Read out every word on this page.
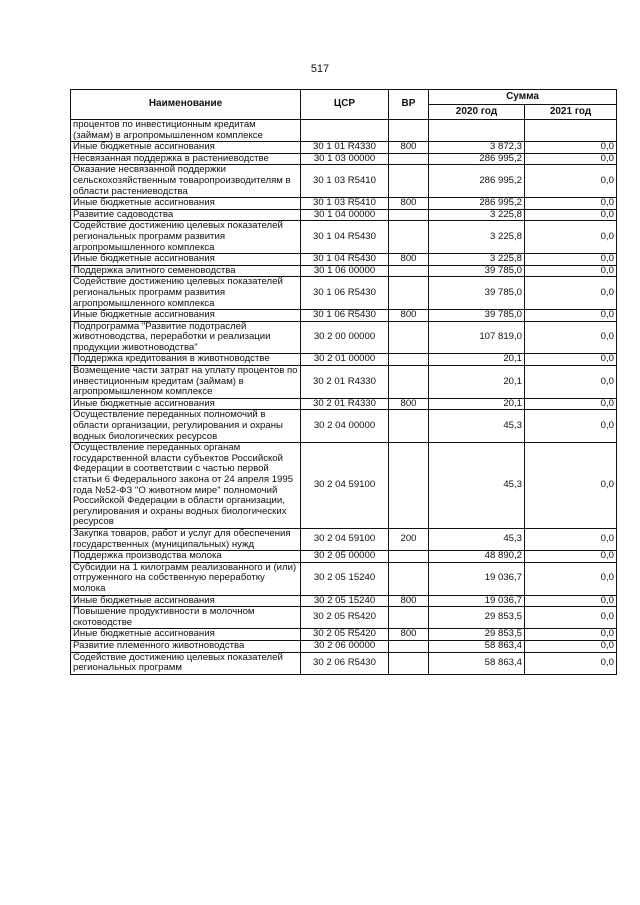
517
Наименование	ЦСР	ВР	Сумма	
			2020 год	2021 год
процентов по инвестиционным кредитам (займам) в агропромышленном комплексе				
Иные бюджетные ассигнования	30 1 01 R4330	800	3 872,3	0,0
Несвязанная поддержка в растениеводстве	30 1 03 00000		286 995,2	0,0
Оказание несвязанной поддержки сельскохозяйственным товаропроизводителям в области растениеводства	30 1 03 R5410		286 995,2	0,0
Иные бюджетные ассигнования	30 1 03 R5410	800	286 995,2	0,0
Развитие садоводства	30 1 04 00000		3 225,8	0,0
Содействие достижению целевых показателей региональных программ развития агропромышленного комплекса	30 1 04 R5430		3 225,8	0,0
Иные бюджетные ассигнования	30 1 04 R5430	800	3 225,8	0,0
Поддержка элитного семеноводства	30 1 06 00000		39 785,0	0,0
Содействие достижению целевых показателей региональных программ развития агропромышленного комплекса	30 1 06 R5430		39 785,0	0,0
Иные бюджетные ассигнования	30 1 06 R5430	800	39 785,0	0,0
Подпрограмма "Развитие подотраслей животноводства, переработки и реализации продукции животноводства"	30 2 00 00000		107 819,0	0,0
Поддержка кредитования в животноводстве	30 2 01 00000		20,1	0,0
Возмещение части затрат на уплату процентов по инвестиционным кредитам (займам) в агропромышленном комплексе	30 2 01 R4330		20,1	0,0
Иные бюджетные ассигнования	30 2 01 R4330	800	20,1	0,0
Осуществление переданных полномочий в области организации, регулирования и охраны водных биологических ресурсов	30 2 04 00000		45,3	0,0
Осуществление переданных органам государственной власти субъектов Российской Федерации в соответствии с частью первой статьи 6 Федерального закона от 24 апреля 1995 года №52-ФЗ "О животном мире" полномочий Российской Федерации в области организации, регулирования и охраны водных биологических ресурсов	30 2 04 59100		45,3	0,0
Закупка товаров, работ и услуг для обеспечения государственных (муниципальных) нужд	30 2 04 59100	200	45,3	0,0
Поддержка производства молока	30 2 05 00000		48 890,2	0,0
Субсидии на 1 килограмм реализованного и (или) отгруженного на собственную переработку молока	30 2 05 15240		19 036,7	0,0
Иные бюджетные ассигнования	30 2 05 15240	800	19 036,7	0,0
Повышение продуктивности в молочном скотоводстве	30 2 05 R5420		29 853,5	0,0
Иные бюджетные ассигнования	30 2 05 R5420	800	29 853,5	0,0
Развитие племенного животноводства	30 2 06 00000		58 863,4	0,0
Содействие достижению целевых показателей региональных программ	30 2 06 R5430		58 863,4	0,0
